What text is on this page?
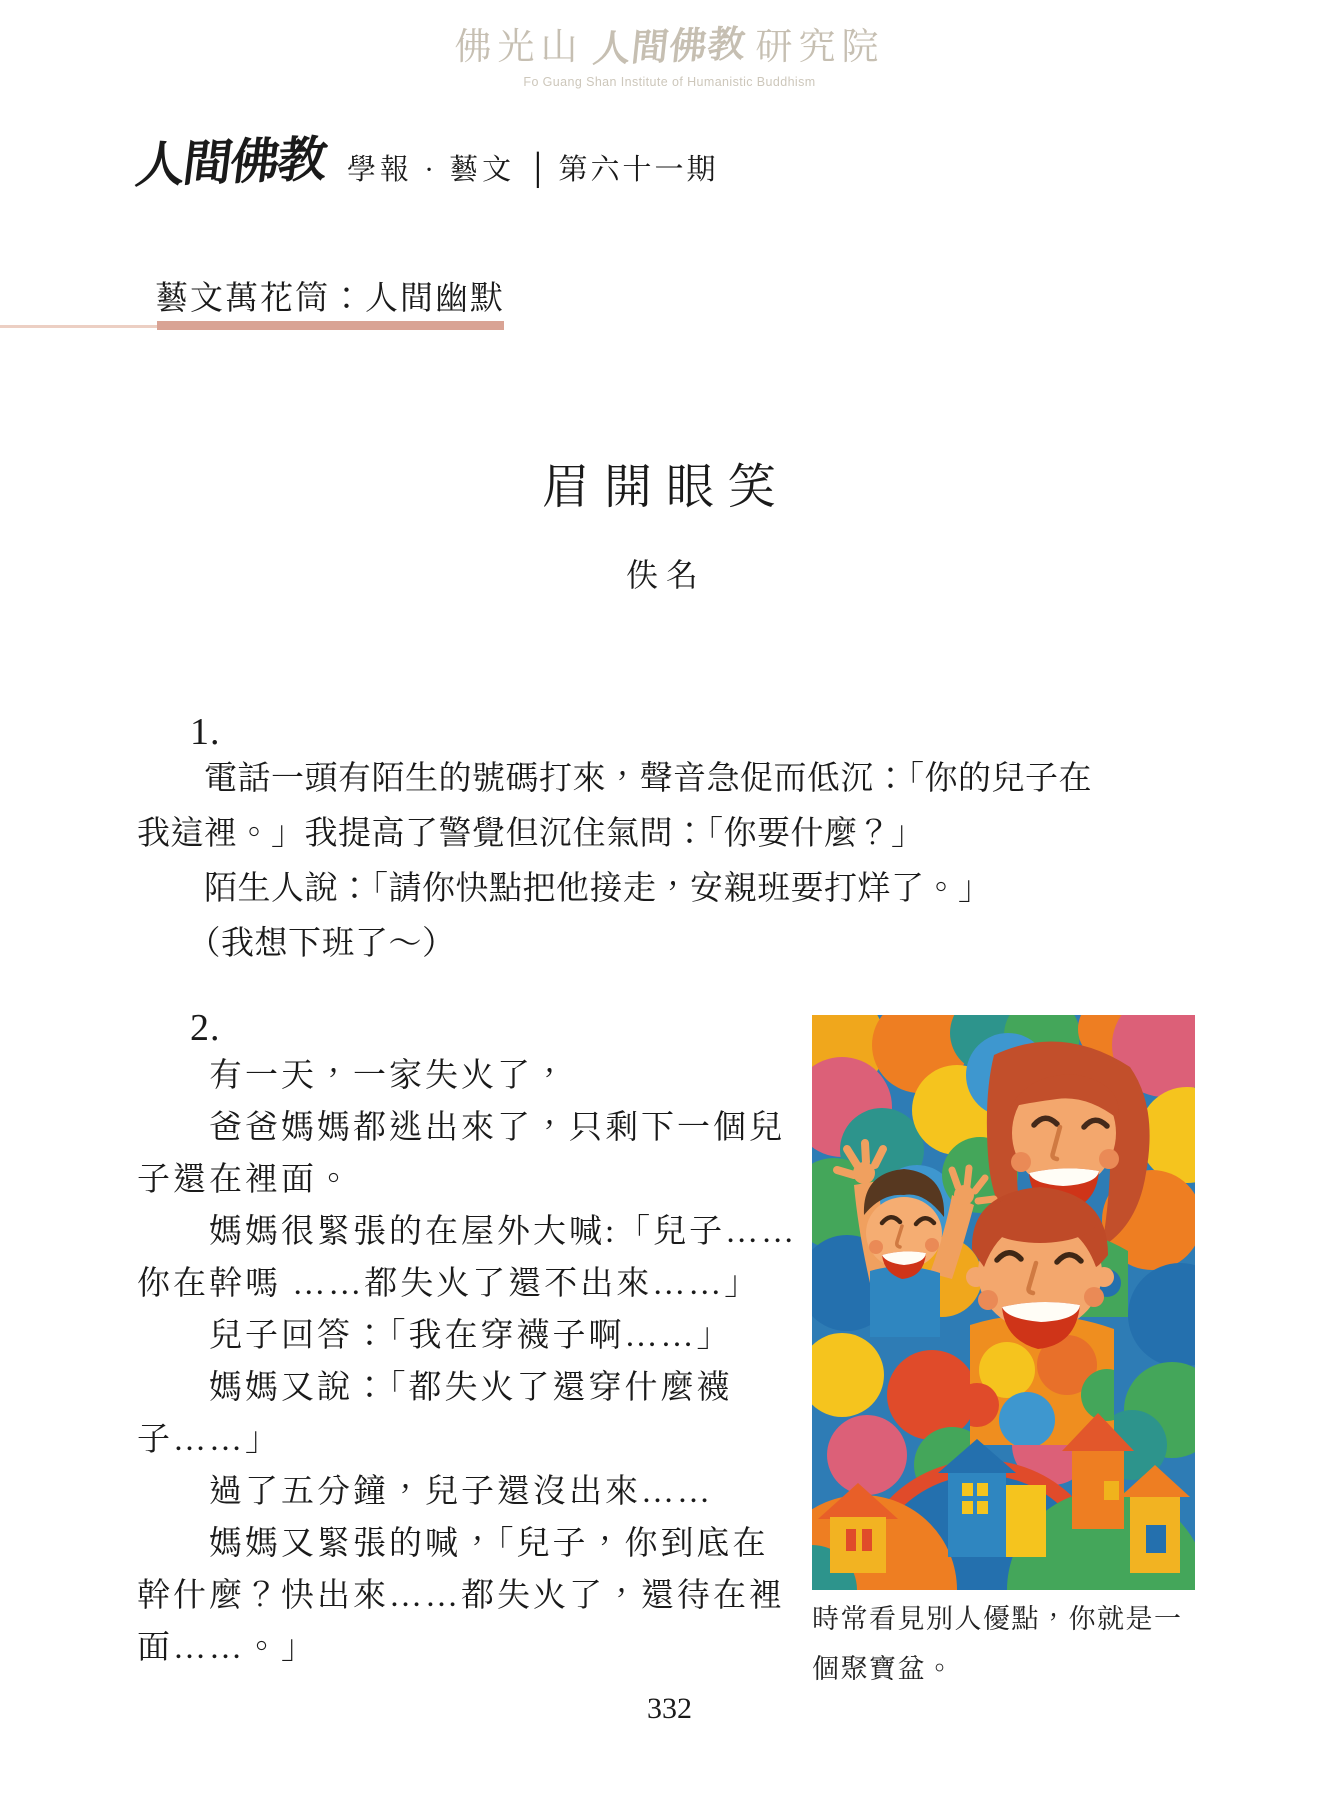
佛光山 人間佛教 研究院
Fo Guang Shan Institute of Humanistic Buddhism
人間佛教 學報 · 藝文 │ 第六十一期
藝文萬花筒：人間幽默
眉開眼笑
佚名
1.
　　電話一頭有陌生的號碼打來，聲音急促而低沉：「你的兒子在
我這裡。」我提高了警覺但沉住氣問：「你要什麼？」
　　陌生人說：「請你快點把他接走，安親班要打烊了。」
　　（我想下班了～）
2.
　　有一天，一家失火了，
　　爸爸媽媽都逃出來了，只剩下一個兒
子還在裡面。
　　媽媽很緊張的在屋外大喊:「兒子……
你在幹嗎 ……都失火了還不出來……」
　　兒子回答：「我在穿襪子啊……」
　　媽媽又說：「都失火了還穿什麼襪
子……」
　　過了五分鐘，兒子還沒出來……
　　媽媽又緊張的喊，「兒子，你到底在
幹什麼？快出來……都失火了，還待在裡
面……。」
時常看見別人優點，你就是一
個聚寶盆。
332
